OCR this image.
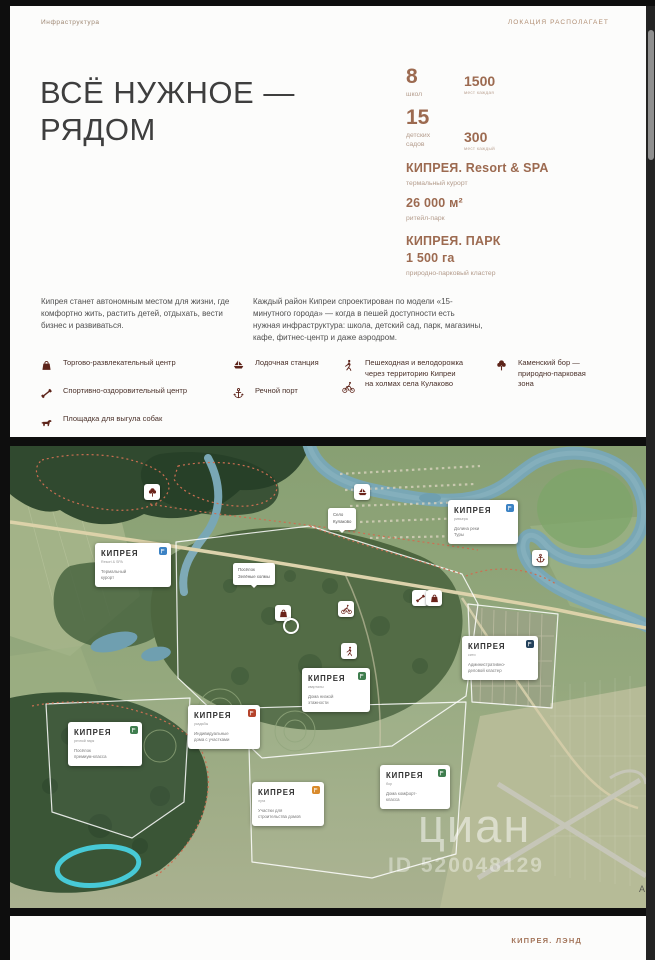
Инфраструктура	ЛОКАЦИЯ РАСПОЛАГАЕТ
ВСЁ НУЖНОЕ —
РЯДОМ
8
школ
1500
мест каждая
15
детских
садов	300
мест каждый
КИПРЕЯ. Resort & SPA
термальный курорт
26 000 м²
ритейл-парк
КИПРЕЯ. ПАРК
1 500 га
природно-парковый кластер

Кипрея станет автономным местом для жизни, где комфортно жить, растить детей, отдыхать, вести бизнес и развиваться.

Каждый район Кипреи спроектирован по модели «15-минутного города» — когда в пешей доступности есть нужная инфраструктура: школа, детский сад, парк, магазины, кафе, фитнес-центр и даже аэродром.

Торгово-развлекательный центр
Спортивно-оздоровительный центр
Площадка для выгула собак
Лодочная станция
Речной порт
Пешеходная и велодорожка через территорию Кипреи на холмах села Кулаково
Каменский бор — природно-парковая зона
Село
Кулаково
Посёлок
Зелёные холмы
КИПРЕЯ
ривьера
Долина реки
Туры
КИПРЕЯ
Resort & SPA
Термальный
курорт
КИПРЕЯ
сити
Административно-
деловой кластер
КИПРЕЯ
кварталы
Дома низкой
этажности
КИПРЕЯ
усадьбы
Индивидуальные
дома с участками
КИПРЕЯ
речной парк
Посёлок
премиум-класса
КИПРЕЯ
луга
Участки для
строительства домов
КИПРЕЯ
бор
Дома комфорт-
класса циан
ID 520048129
А
КИПРЕЯ. ЛЭНД
